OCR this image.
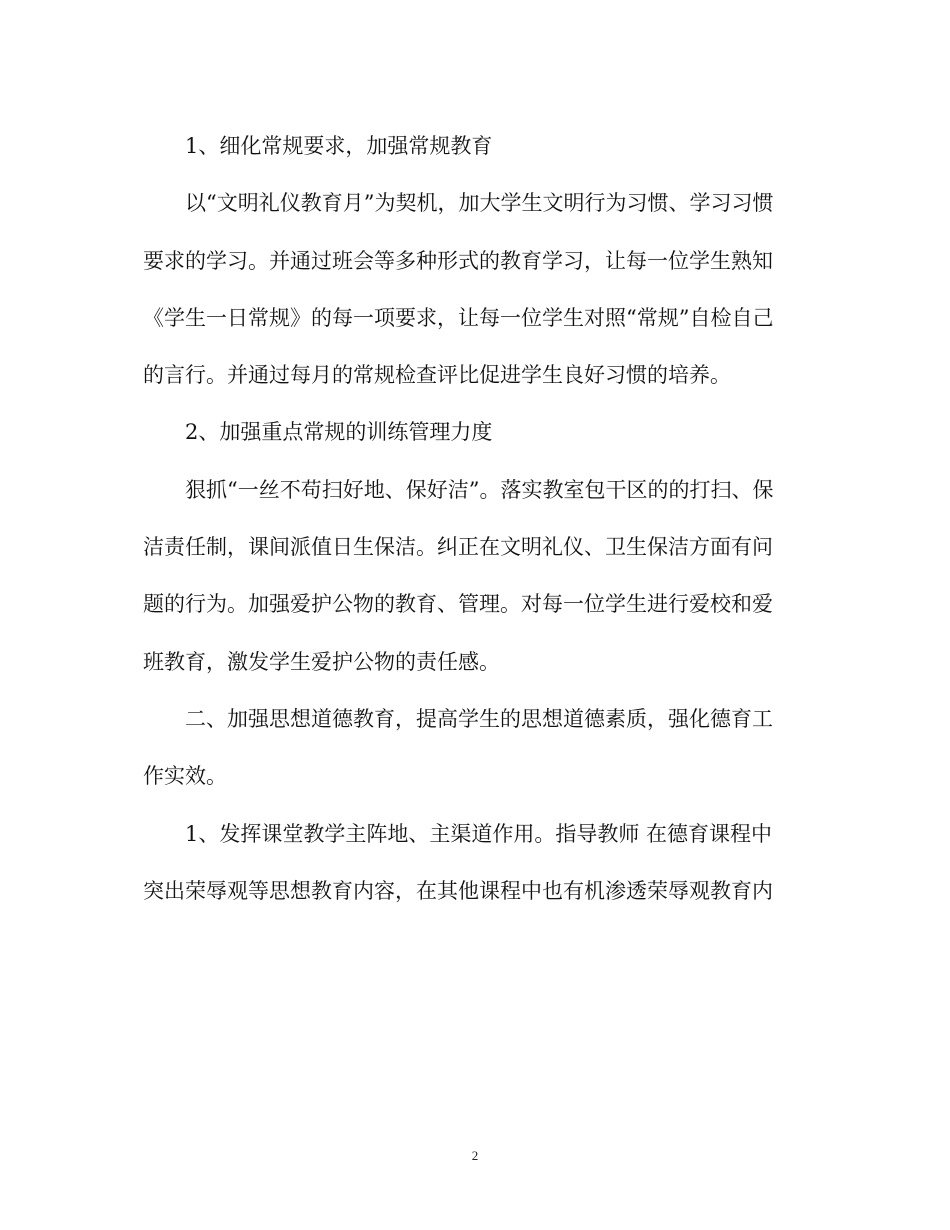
1、细化常规要求，加强常规教育

以“文明礼仪教育月”为契机，加大学生文明行为习惯、学习习惯
要求的学习。并通过班会等多种形式的教育学习，让每一位学生熟知
《学生一日常规》的每一项要求，让每一位学生对照“常规”自检自己
的言行。并通过每月的常规检查评比促进学生良好习惯的培养。

2、加强重点常规的训练管理力度

狠抓“一丝不苟扫好地、保好洁”。落实教室包干区的的打扫、保
洁责任制，课间派值日生保洁。纠正在文明礼仪、卫生保洁方面有问
题的行为。加强爱护公物的教育、管理。对每一位学生进行爱校和爱
班教育，激发学生爱护公物的责任感。

二、加强思想道德教育，提高学生的思想道德素质，强化德育工
作实效。

1、发挥课堂教学主阵地、主渠道作用。指导教师 在德育课程中
突出荣辱观等思想教育内容，在其他课程中也有机渗透荣辱观教育内

2
